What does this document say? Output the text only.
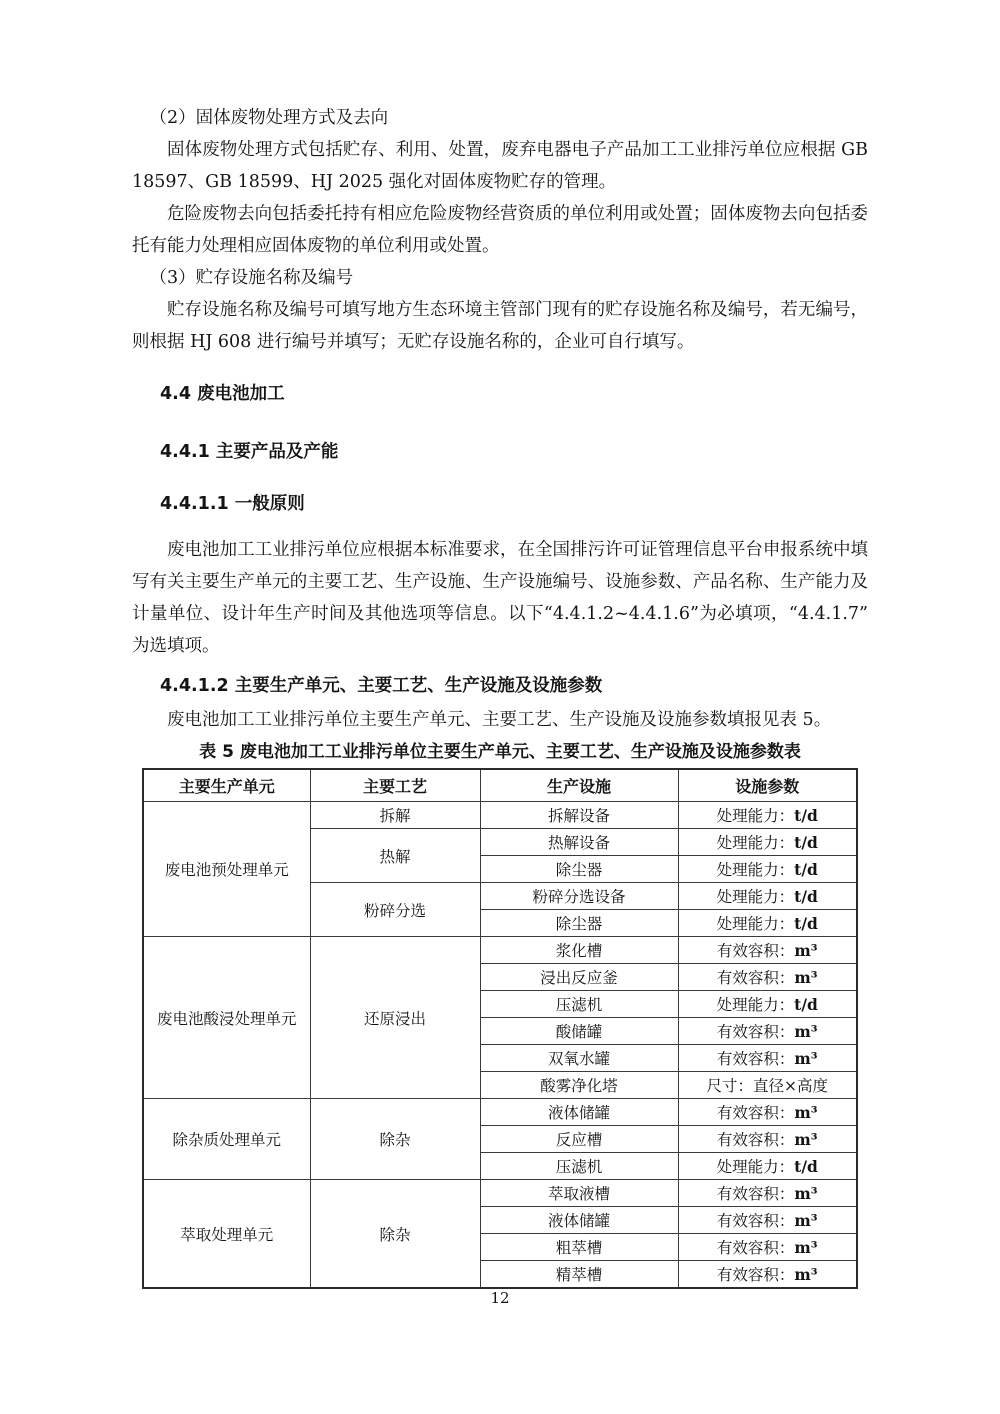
（2）固体废物处理方式及去向

固体废物处理方式包括贮存、利用、处置，废弃电器电子产品加工工业排污单位应根据 GB 18597、GB 18599、HJ 2025 强化对固体废物贮存的管理。

危险废物去向包括委托持有相应危险废物经营资质的单位利用或处置；固体废物去向包括委托有能力处理相应固体废物的单位利用或处置。

（3）贮存设施名称及编号

贮存设施名称及编号可填写地方生态环境主管部门现有的贮存设施名称及编号，若无编号，则根据 HJ 608 进行编号并填写；无贮存设施名称的，企业可自行填写。

4.4 废电池加工

4.4.1 主要产品及产能

4.4.1.1 一般原则

废电池加工工业排污单位应根据本标准要求，在全国排污许可证管理信息平台申报系统中填写有关主要生产单元的主要工艺、生产设施、生产设施编号、设施参数、产品名称、生产能力及计量单位、设计年生产时间及其他选项等信息。以下“4.4.1.2~4.4.1.6”为必填项，“4.4.1.7”为选填项。

4.4.1.2 主要生产单元、主要工艺、生产设施及设施参数

废电池加工工业排污单位主要生产单元、主要工艺、生产设施及设施参数填报见表 5。

表 5 废电池加工工业排污单位主要生产单元、主要工艺、生产设施及设施参数表

主要生产单元	主要工艺	生产设施	设施参数
废电池预处理单元	拆解	拆解设备	处理能力：t/d
	热解	热解设备	处理能力：t/d
		除尘器	处理能力：t/d
	粉碎分选	粉碎分选设备	处理能力：t/d
		除尘器	处理能力：t/d
废电池酸浸处理单元	还原浸出	浆化槽	有效容积：m³
		浸出反应釜	有效容积：m³
		压滤机	处理能力：t/d
		酸储罐	有效容积：m³
		双氧水罐	有效容积：m³
		酸雾净化塔	尺寸：直径×高度
除杂质处理单元	除杂	液体储罐	有效容积：m³
		反应槽	有效容积：m³
		压滤机	处理能力：t/d
萃取处理单元	除杂	萃取液槽	有效容积：m³
		液体储罐	有效容积：m³
		粗萃槽	有效容积：m³
		精萃槽	有效容积：m³
12
